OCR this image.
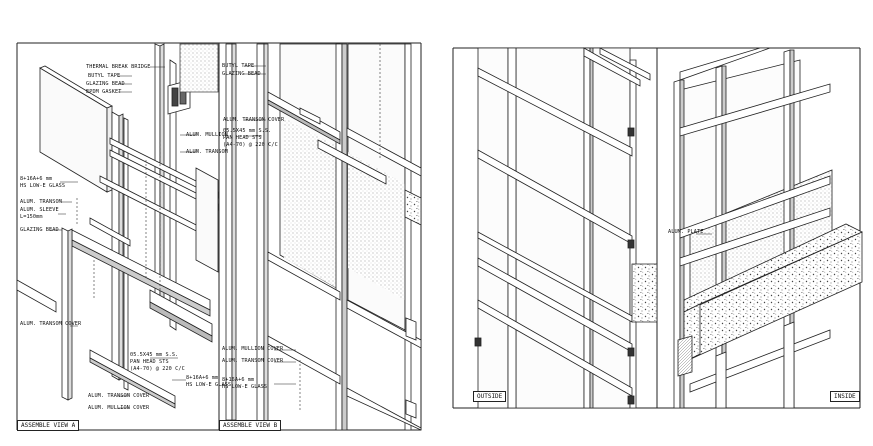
THERMAL BREAK BRIDGE
BUTYL TAPE
GLAZING BEAD
EPDM GASKET
ALUM. MULLION
ALUM. TRANSOM
8+16A+6 mm
HS LOW-E GLASS
ALUM. TRANSOM
ALUM. SLEEVE
L=150mm
GLAZING BEAD
ALUM. TRANSOM COVER
05.5X45 mm S.S.
PAN HEAD STS
(A4-70) @ 220 C/C
8+16A+6 mm
HS LOW-E GLASS
ALUM. TRANSOM COVER
ALUM. MULLION COVER
ASSEMBLE VIEW A
BUTYL TAPE
GLAZING BEAD
ALUM. TRANSOM COVER
05.5X45 mm S.S.
PAN HEAD STS
(A4-70) @ 220 C/C
ALUM. MULLION COVER
ALUM. TRANSOM COVER
8+16A+6 mm
HS LOW-E GLASS
ASSEMBLE VIEW B
ALUM. PLATE
OUTSIDE	INSIDE
